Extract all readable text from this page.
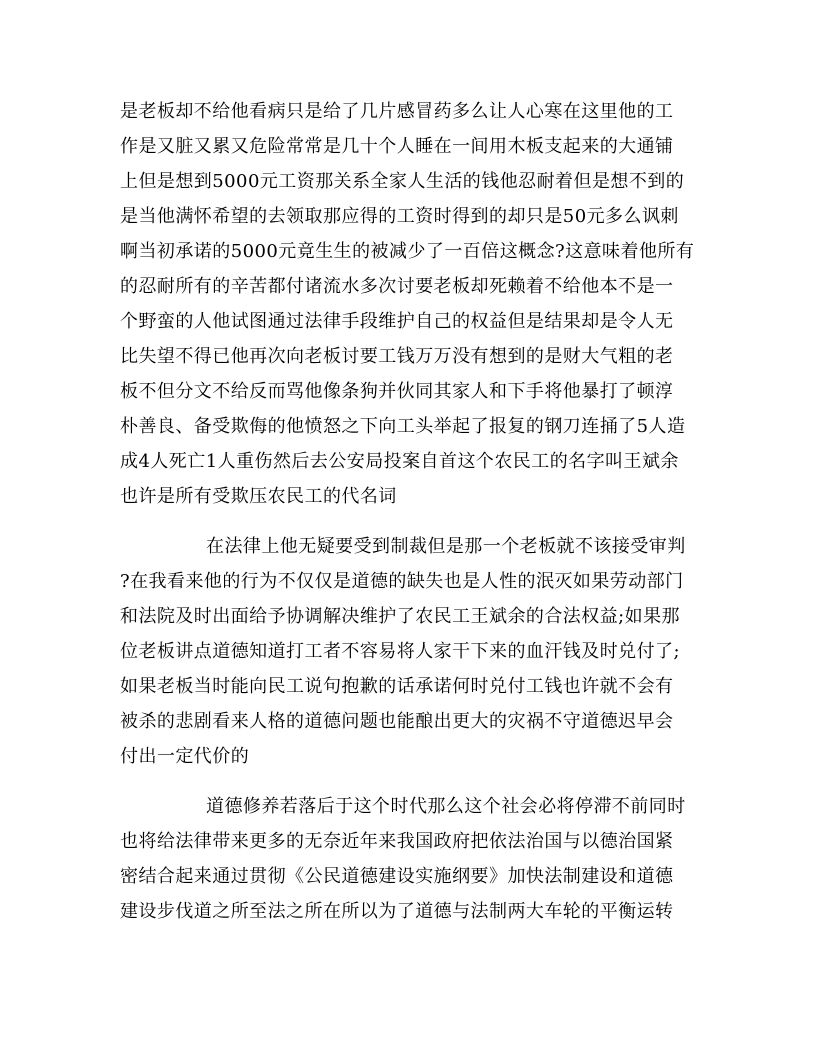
是老板却不给他看病只是给了几片感冒药多么让人心寒在这里他的工

作是又脏又累又危险常常是几十个人睡在一间用木板支起来的大通铺

上但是想到5000元工资那关系全家人生活的钱他忍耐着但是想不到的

是当他满怀希望的去领取那应得的工资时得到的却只是50元多么讽刺

啊当初承诺的5000元竟生生的被减少了一百倍这概念?这意味着他所有

的忍耐所有的辛苦都付诸流水多次讨要老板却死赖着不给他本不是一

个野蛮的人他试图通过法律手段维护自己的权益但是结果却是令人无

比失望不得已他再次向老板讨要工钱万万没有想到的是财大气粗的老

板不但分文不给反而骂他像条狗并伙同其家人和下手将他暴打了顿淳

朴善良、备受欺侮的他愤怒之下向工头举起了报复的钢刀连捅了5人造

成4人死亡1人重伤然后去公安局投案自首这个农民工的名字叫王斌余

也许是所有受欺压农民工的代名词

在法律上他无疑要受到制裁但是那一个老板就不该接受审判

?在我看来他的行为不仅仅是道德的缺失也是人性的泯灭如果劳动部门

和法院及时出面给予协调解决维护了农民工王斌余的合法权益;如果那

位老板讲点道德知道打工者不容易将人家干下来的血汗钱及时兑付了;

如果老板当时能向民工说句抱歉的话承诺何时兑付工钱也许就不会有

被杀的悲剧看来人格的道德问题也能酿出更大的灾祸不守道德迟早会

付出一定代价的

道德修养若落后于这个时代那么这个社会必将停滞不前同时

也将给法律带来更多的无奈近年来我国政府把依法治国与以德治国紧

密结合起来通过贯彻《公民道德建设实施纲要》加快法制建设和道德

建设步伐道之所至法之所在所以为了道德与法制两大车轮的平衡运转
